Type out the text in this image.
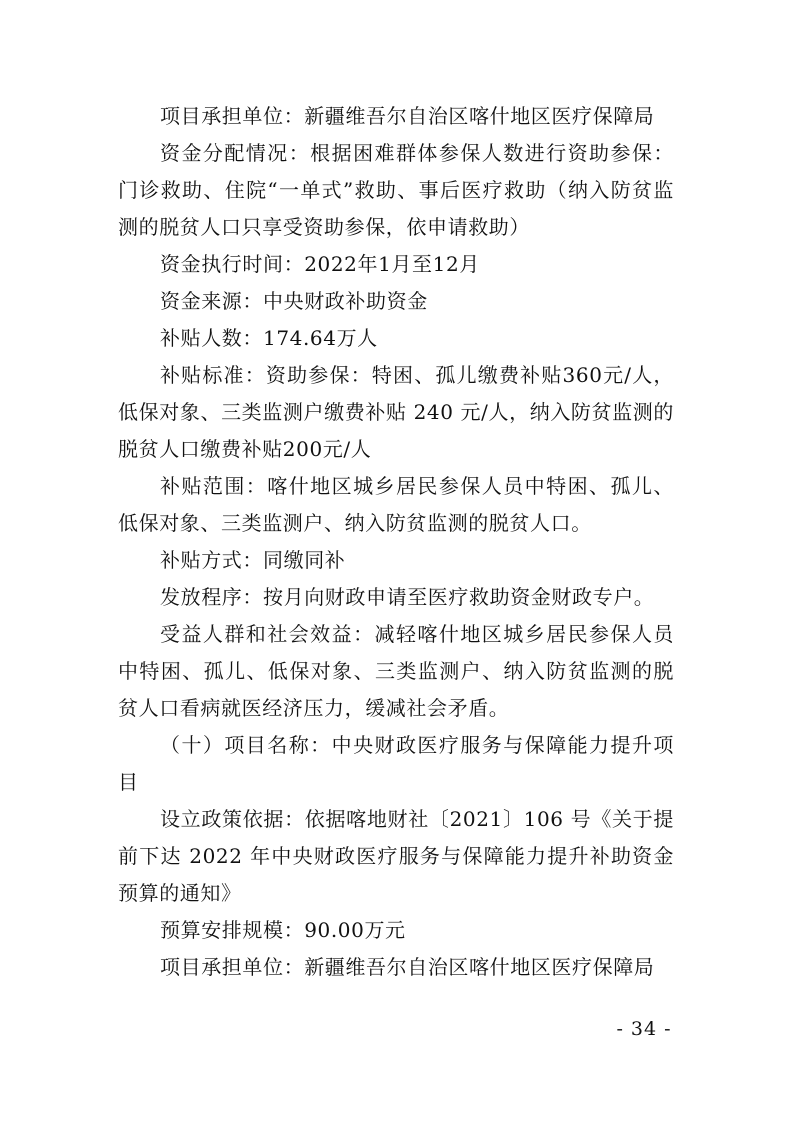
项目承担单位：新疆维吾尔自治区喀什地区医疗保障局

资金分配情况：根据困难群体参保人数进行资助参保：门诊救助、住院“一单式”救助、事后医疗救助（纳入防贫监测的脱贫人口只享受资助参保，依申请救助）

资金执行时间：2022年1月至12月

资金来源：中央财政补助资金

补贴人数：174.64万人

补贴标准：资助参保：特困、孤儿缴费补贴360元/人，低保对象、三类监测户缴费补贴 240 元/人，纳入防贫监测的脱贫人口缴费补贴200元/人

补贴范围：喀什地区城乡居民参保人员中特困、孤儿、低保对象、三类监测户、纳入防贫监测的脱贫人口。

补贴方式：同缴同补

发放程序：按月向财政申请至医疗救助资金财政专户。

受益人群和社会效益：减轻喀什地区城乡居民参保人员中特困、孤儿、低保对象、三类监测户、纳入防贫监测的脱贫人口看病就医经济压力，缓减社会矛盾。

（十）项目名称：中央财政医疗服务与保障能力提升项目

设立政策依据：依据喀地财社〔2021〕106 号《关于提前下达 2022 年中央财政医疗服务与保障能力提升补助资金预算的通知》

预算安排规模：90.00万元

项目承担单位：新疆维吾尔自治区喀什地区医疗保障局

- 34 -
